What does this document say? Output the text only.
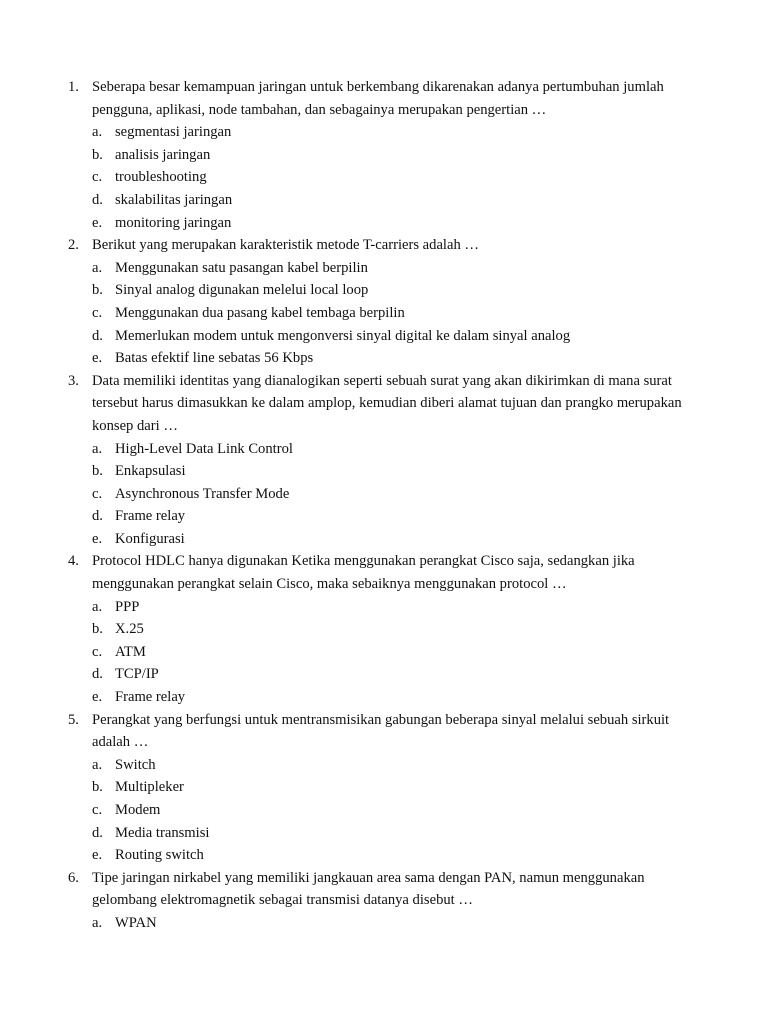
1. Seberapa besar kemampuan jaringan untuk berkembang dikarenakan adanya pertumbuhan jumlah pengguna, aplikasi, node tambahan, dan sebagainya merupakan pengertian …
a. segmentasi jaringan
b. analisis jaringan
c. troubleshooting
d. skalabilitas jaringan
e. monitoring jaringan
2. Berikut yang merupakan karakteristik metode T-carriers adalah …
a. Menggunakan satu pasangan kabel berpilin
b. Sinyal analog digunakan melelui local loop
c. Menggunakan dua pasang kabel tembaga berpilin
d. Memerlukan modem untuk mengonversi sinyal digital ke dalam sinyal analog
e. Batas efektif line sebatas 56 Kbps
3. Data memiliki identitas yang dianalogikan seperti sebuah surat yang akan dikirimkan di mana surat tersebut harus dimasukkan ke dalam amplop, kemudian diberi alamat tujuan dan prangko merupakan konsep dari …
a. High-Level Data Link Control
b. Enkapsulasi
c. Asynchronous Transfer Mode
d. Frame relay
e. Konfigurasi
4. Protocol HDLC hanya digunakan Ketika menggunakan perangkat Cisco saja, sedangkan jika menggunakan perangkat selain Cisco, maka sebaiknya menggunakan protocol …
a. PPP
b. X.25
c. ATM
d. TCP/IP
e. Frame relay
5. Perangkat yang berfungsi untuk mentransmisikan gabungan beberapa sinyal melalui sebuah sirkuit adalah …
a. Switch
b. Multipleker
c. Modem
d. Media transmisi
e. Routing switch
6. Tipe jaringan nirkabel yang memiliki jangkauan area sama dengan PAN, namun menggunakan gelombang elektromagnetik sebagai transmisi datanya disebut …
a. WPAN
